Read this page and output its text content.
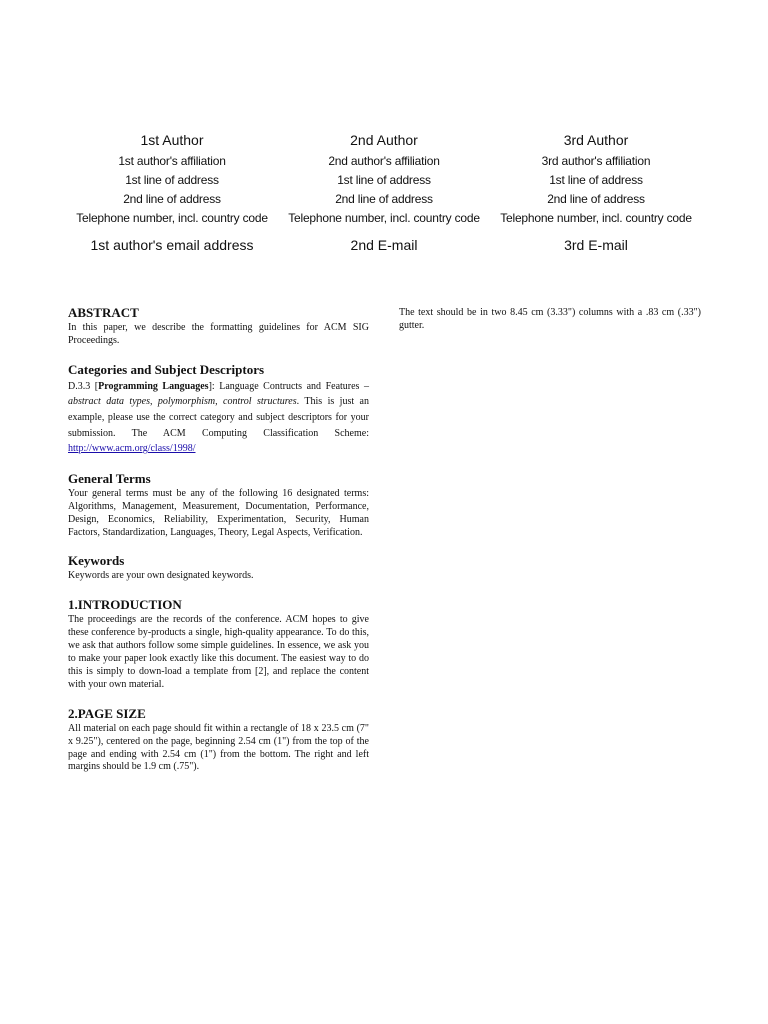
1st Author
1st author's affiliation
1st line of address
2nd line of address
Telephone number, incl. country code
1st author's email address
2nd Author
2nd author's affiliation
1st line of address
2nd line of address
Telephone number, incl. country code
2nd E-mail
3rd Author
3rd author's affiliation
1st line of address
2nd line of address
Telephone number, incl. country code
3rd E-mail
ABSTRACT

In this paper, we describe the formatting guidelines for ACM SIG Proceedings.

Categories and Subject Descriptors

D.3.3 [Programming Languages]: Language Contructs and Features – abstract data types, polymorphism, control structures. This is just an example, please use the correct category and subject descriptors for your submission. The ACM Computing Classification Scheme: http://www.acm.org/class/1998/

General Terms

Your general terms must be any of the following 16 designated terms: Algorithms, Management, Measurement, Documentation, Performance, Design, Economics, Reliability, Experimentation, Security, Human Factors, Standardization, Languages, Theory, Legal Aspects, Verification.

Keywords

Keywords are your own designated keywords.

1.INTRODUCTION

The proceedings are the records of the conference. ACM hopes to give these conference by-products a single, high-quality appearance. To do this, we ask that authors follow some simple guidelines. In essence, we ask you to make your paper look exactly like this document. The easiest way to do this is simply to down-load a template from [2], and replace the content with your own material.

2.PAGE SIZE

All material on each page should fit within a rectangle of 18 x 23.5 cm (7" x 9.25"), centered on the page, beginning 2.54 cm (1") from the top of the page and ending with 2.54 cm (1") from the bottom. The right and left margins should be 1.9 cm (.75").

The text should be in two 8.45 cm (3.33") columns with a .83 cm (.33") gutter.
